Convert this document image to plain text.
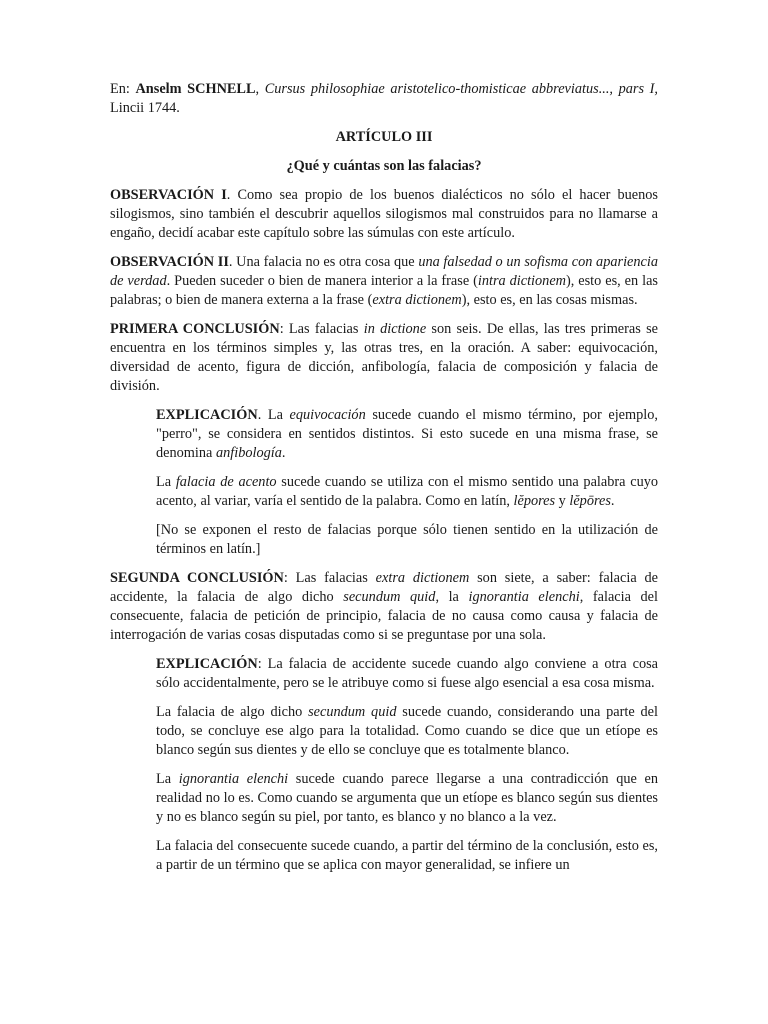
En: Anselm SCHNELL, Cursus philosophiae aristotelico-thomisticae abbreviatus..., pars I, Lincii 1744.

ARTÍCULO III

¿Qué y cuántas son las falacias?

OBSERVACIÓN I. Como sea propio de los buenos dialécticos no sólo el hacer buenos silogismos, sino también el descubrir aquellos silogismos mal construidos para no llamarse a engaño, decidí acabar este capítulo sobre las súmulas con este artículo.

OBSERVACIÓN II. Una falacia no es otra cosa que una falsedad o un sofisma con apariencia de verdad. Pueden suceder o bien de manera interior a la frase (intra dictionem), esto es, en las palabras; o bien de manera externa a la frase (extra dictionem), esto es, en las cosas mismas.

PRIMERA CONCLUSIÓN: Las falacias in dictione son seis. De ellas, las tres primeras se encuentra en los términos simples y, las otras tres, en la oración. A saber: equivocación, diversidad de acento, figura de dicción, anfibología, falacia de composición y falacia de división.

EXPLICACIÓN. La equivocación sucede cuando el mismo término, por ejemplo, "perro", se considera en sentidos distintos. Si esto sucede en una misma frase, se denomina anfibología.

La falacia de acento sucede cuando se utiliza con el mismo sentido una palabra cuyo acento, al variar, varía el sentido de la palabra. Como en latín, lĕpores y lĕpōres.

[No se exponen el resto de falacias porque sólo tienen sentido en la utilización de términos en latín.]

SEGUNDA CONCLUSIÓN: Las falacias extra dictionem son siete, a saber: falacia de accidente, la falacia de algo dicho secundum quid, la ignorantia elenchi, falacia del consecuente, falacia de petición de principio, falacia de no causa como causa y falacia de interrogación de varias cosas disputadas como si se preguntase por una sola.

EXPLICACIÓN: La falacia de accidente sucede cuando algo conviene a otra cosa sólo accidentalmente, pero se le atribuye como si fuese algo esencial a esa cosa misma.

La falacia de algo dicho secundum quid sucede cuando, considerando una parte del todo, se concluye ese algo para la totalidad. Como cuando se dice que un etíope es blanco según sus dientes y de ello se concluye que es totalmente blanco.

La ignorantia elenchi sucede cuando parece llegarse a una contradicción que en realidad no lo es. Como cuando se argumenta que un etíope es blanco según sus dientes y no es blanco según su piel, por tanto, es blanco y no blanco a la vez.

La falacia del consecuente sucede cuando, a partir del término de la conclusión, esto es, a partir de un término que se aplica con mayor generalidad, se infiere un
